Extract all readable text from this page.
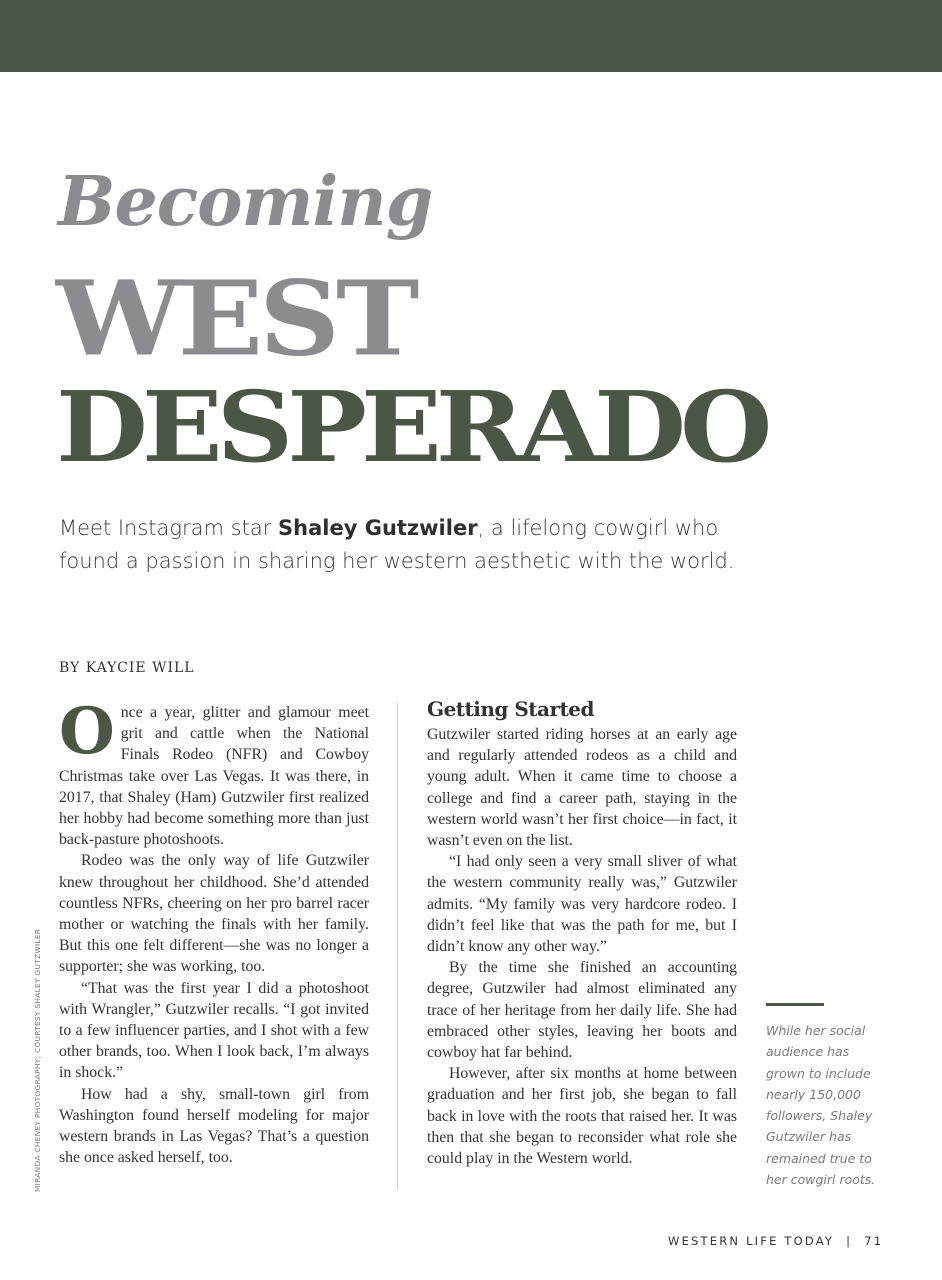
Becoming
WEST
DESPERADO
Meet Instagram star Shaley Gutzwiler, a lifelong cowgirl who found a passion in sharing her western aesthetic with the world.
BY KAYCIE WILL

Once a year, glitter and glamour meet grit and cattle when the National Finals Rodeo (NFR) and Cowboy Christmas take over Las Vegas. It was there, in 2017, that Shaley (Ham) Gutzwiler first realized her hobby had become something more than just back-pasture photoshoots.

Rodeo was the only way of life Gutzwiler knew throughout her childhood. She’d attended countless NFRs, cheering on her pro barrel racer mother or watching the finals with her family. But this one felt different—she was no longer a supporter; she was working, too.

“That was the first year I did a photoshoot with Wrangler,” Gutzwiler recalls. “I got invited to a few influencer parties, and I shot with a few other brands, too. When I look back, I’m always in shock.”

How had a shy, small-town girl from Washington found herself modeling for major western brands in Las Vegas? That’s a question she once asked herself, too.

Getting Started

Gutzwiler started riding horses at an early age and regularly attended rodeos as a child and young adult. When it came time to choose a college and find a career path, staying in the western world wasn’t her first choice—in fact, it wasn’t even on the list.

“I had only seen a very small sliver of what the western community really was,” Gutzwiler admits. “My family was very hardcore rodeo. I didn’t feel like that was the path for me, but I didn’t know any other way.”

By the time she finished an accounting degree, Gutzwiler had almost eliminated any trace of her heritage from her daily life. She had embraced other styles, leaving her boots and cowboy hat far behind.

However, after six months at home between graduation and her first job, she began to fall back in love with the roots that raised her. It was then that she began to reconsider what role she could play in the Western world.

While her social audience has grown to include nearly 150,000 followers, Shaley Gutzwiler has remained true to her cowgirl roots.
MIRANDA CHENEY PHOTOGRAPHY; COURTESY SHALEY GUTZWILER
WESTERN LIFE TODAY | 71
